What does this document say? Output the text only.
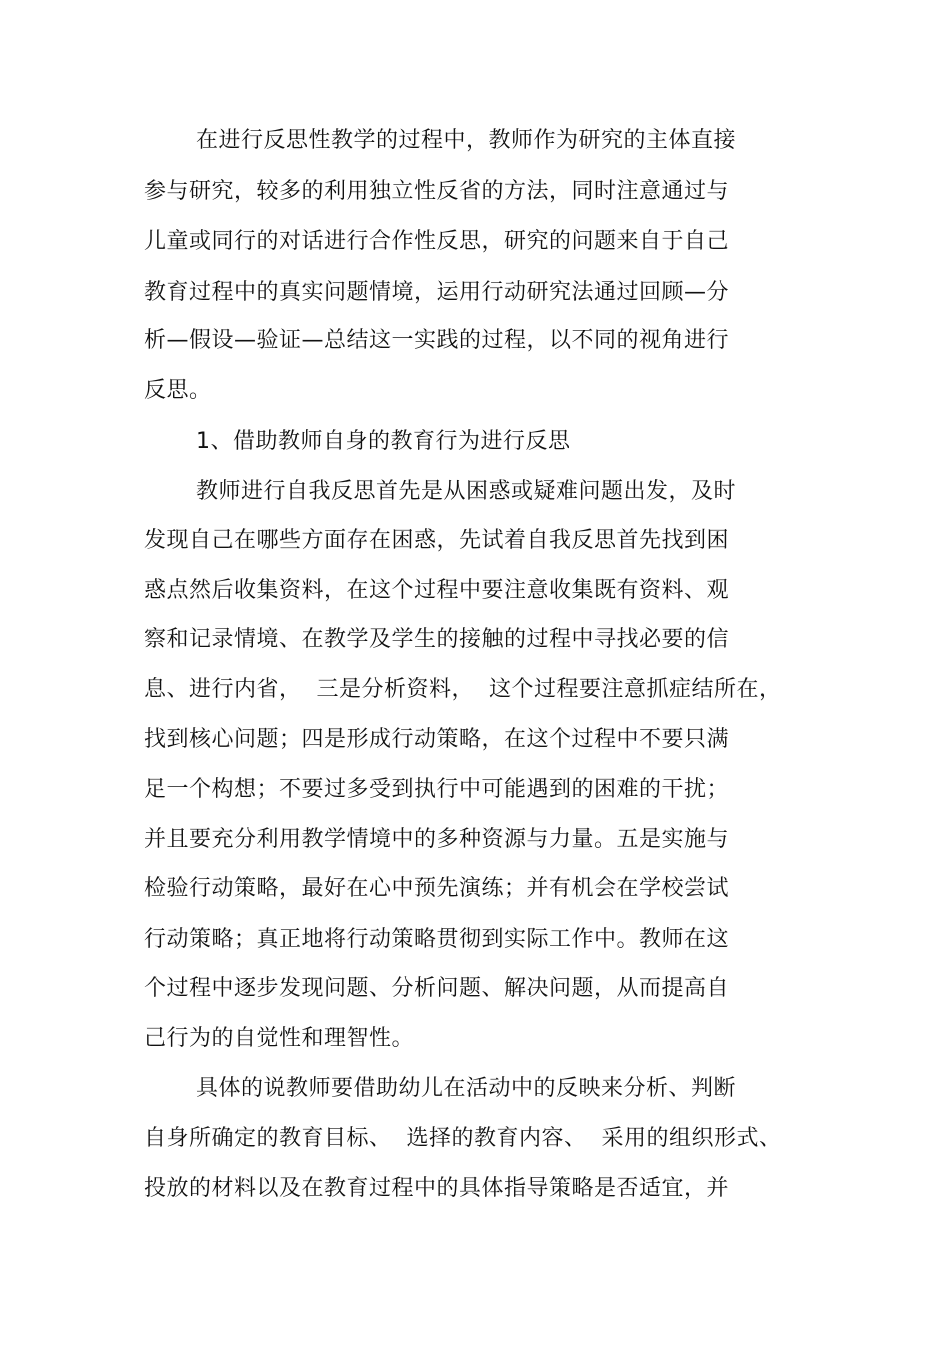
在进行反思性教学的过程中，教师作为研究的主体直接
参与研究，较多的利用独立性反省的方法，同时注意通过与
儿童或同行的对话进行合作性反思，研究的问题来自于自己
教育过程中的真实问题情境，运用行动研究法通过回顾—分
析—假设—验证—总结这一实践的过程，以不同的视角进行
反思。
1、借助教师自身的教育行为进行反思
教师进行自我反思首先是从困惑或疑难问题出发，及时
发现自己在哪些方面存在困惑，先试着自我反思首先找到困
惑点然后收集资料，在这个过程中要注意收集既有资料、观
察和记录情境、在教学及学生的接触的过程中寻找必要的信
息、进行内省，  三是分析资料，  这个过程要注意抓症结所在，
找到核心问题；四是形成行动策略，在这个过程中不要只满
足一个构想；不要过多受到执行中可能遇到的困难的干扰；
并且要充分利用教学情境中的多种资源与力量。五是实施与
检验行动策略，最好在心中预先演练；并有机会在学校尝试
行动策略；真正地将行动策略贯彻到实际工作中。教师在这
个过程中逐步发现问题、分析问题、解决问题，从而提高自
己行为的自觉性和理智性。
具体的说教师要借助幼儿在活动中的反映来分析、判断
自身所确定的教育目标、  选择的教育内容、  采用的组织形式、
投放的材料以及在教育过程中的具体指导策略是否适宜，并
